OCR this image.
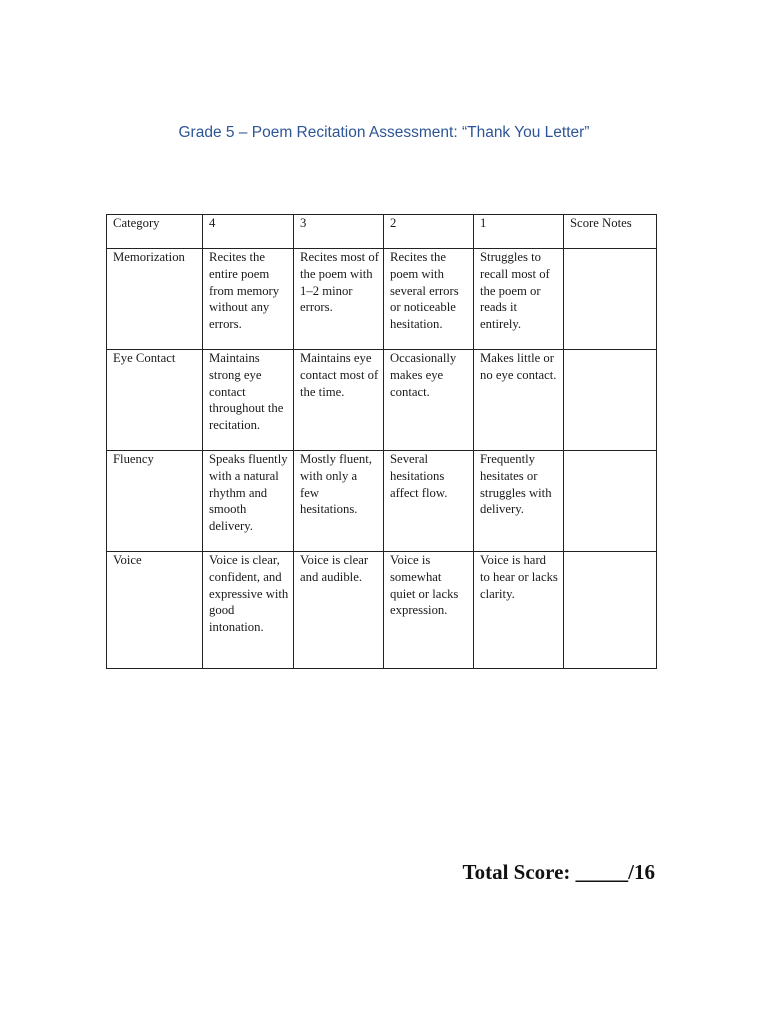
Grade 5 – Poem Recitation Assessment: “Thank You Letter”
Category	4	3	2	1	Score Notes
Memorization	Recites the entire poem from memory without any errors.	Recites most of the poem with 1–2 minor errors.	Recites the poem with several errors or noticeable hesitation.	Struggles to recall most of the poem or reads it entirely.	
Eye Contact	Maintains strong eye contact throughout the recitation.	Maintains eye contact most of the time.	Occasionally makes eye contact.	Makes little or no eye contact.	
Fluency	Speaks fluently with a natural rhythm and smooth delivery.	Mostly fluent, with only a few hesitations.	Several hesitations affect flow.	Frequently hesitates or struggles with delivery.	
Voice	Voice is clear, confident, and expressive with good intonation.	Voice is clear and audible.	Voice is somewhat quiet or lacks expression.	Voice is hard to hear or lacks clarity.	
Total Score: _____/16
